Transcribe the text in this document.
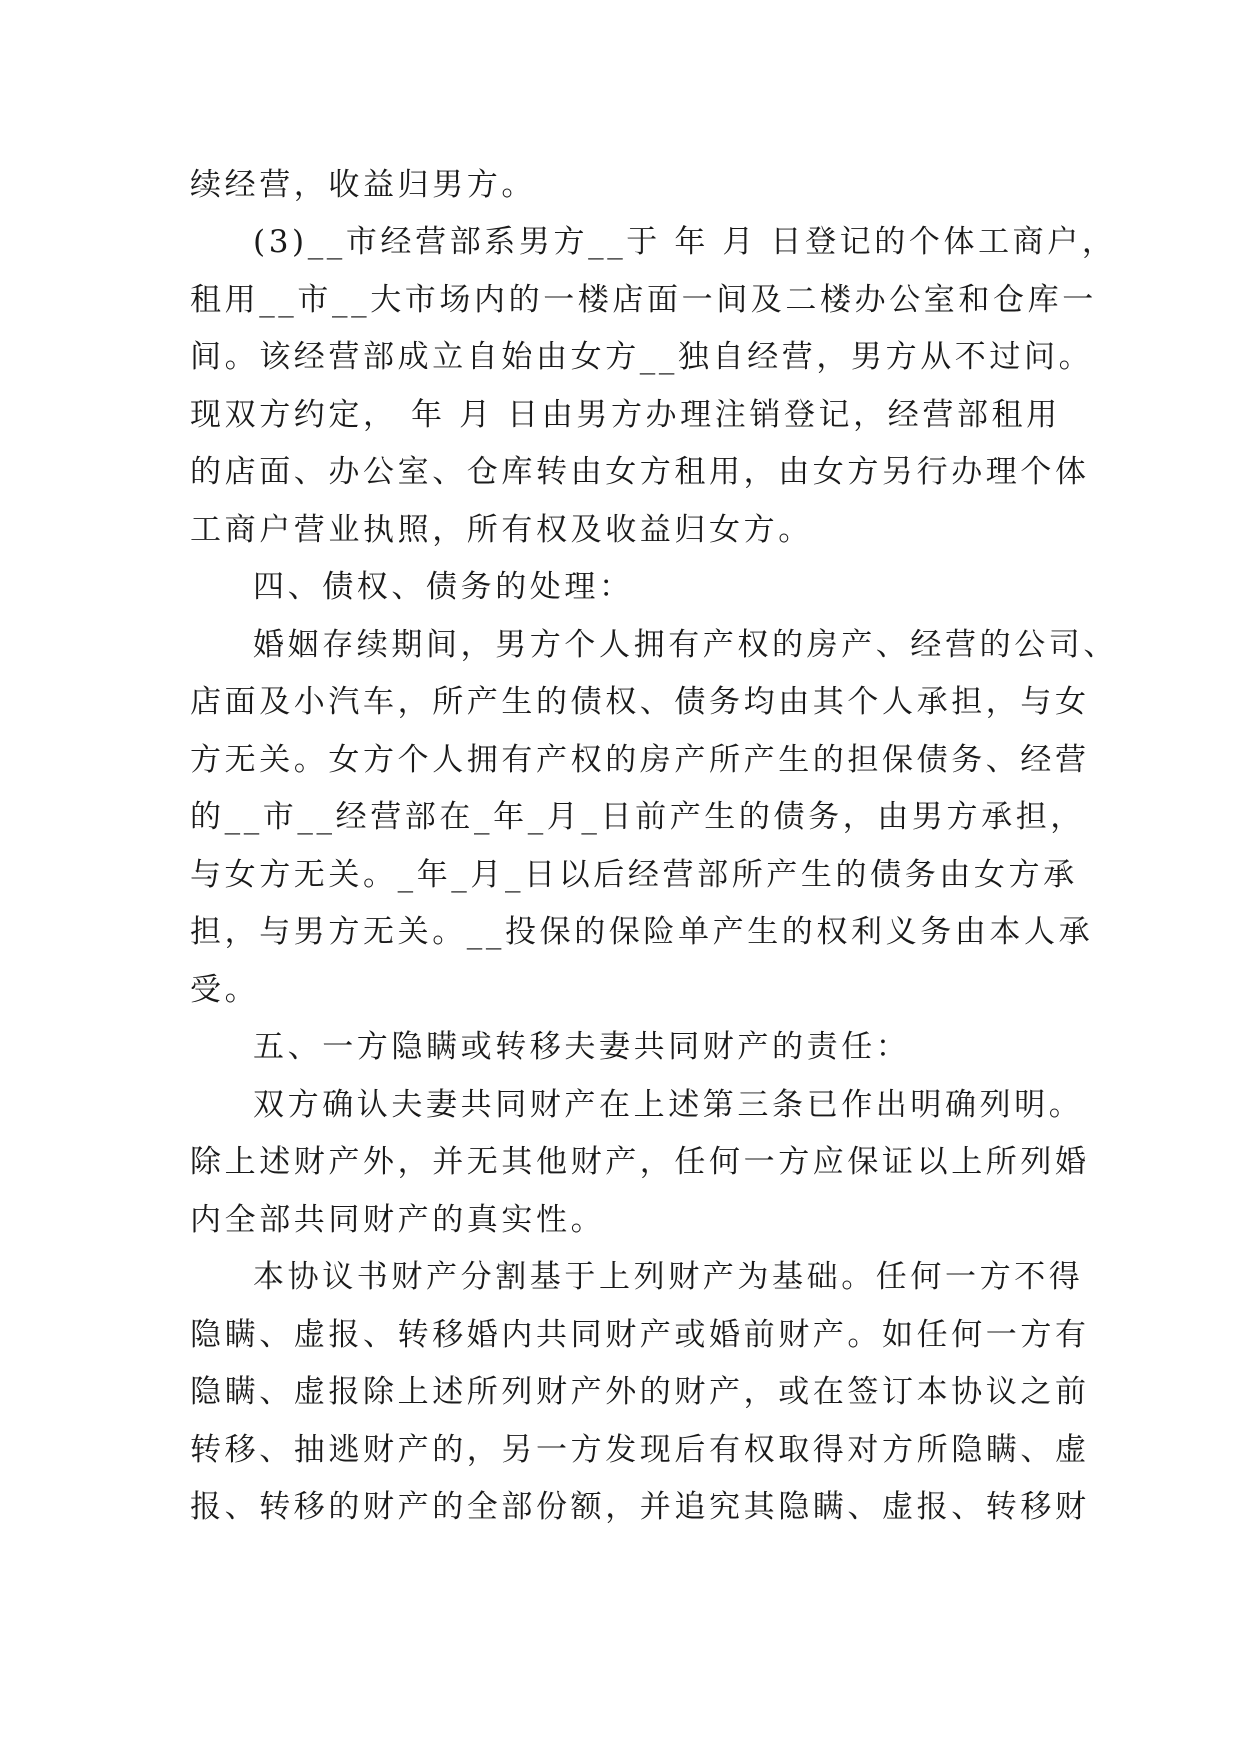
续经营，收益归男方。
(3)__市经营部系男方__于 年 月 日登记的个体工商户，
租用__市__大市场内的一楼店面一间及二楼办公室和仓库一
间。该经营部成立自始由女方__独自经营，男方从不过问。
现双方约定， 年 月 日由男方办理注销登记，经营部租用
的店面、办公室、仓库转由女方租用，由女方另行办理个体
工商户营业执照，所有权及收益归女方。
四、债权、债务的处理：
婚姻存续期间，男方个人拥有产权的房产、经营的公司、
店面及小汽车，所产生的债权、债务均由其个人承担，与女
方无关。女方个人拥有产权的房产所产生的担保债务、经营
的__市__经营部在_年_月_日前产生的债务，由男方承担，
与女方无关。_年_月_日以后经营部所产生的债务由女方承
担，与男方无关。__投保的保险单产生的权利义务由本人承
受。
五、一方隐瞒或转移夫妻共同财产的责任：
双方确认夫妻共同财产在上述第三条已作出明确列明。
除上述财产外，并无其他财产，任何一方应保证以上所列婚
内全部共同财产的真实性。
本协议书财产分割基于上列财产为基础。任何一方不得
隐瞒、虚报、转移婚内共同财产或婚前财产。如任何一方有
隐瞒、虚报除上述所列财产外的财产，或在签订本协议之前
转移、抽逃财产的，另一方发现后有权取得对方所隐瞒、虚
报、转移的财产的全部份额，并追究其隐瞒、虚报、转移财
